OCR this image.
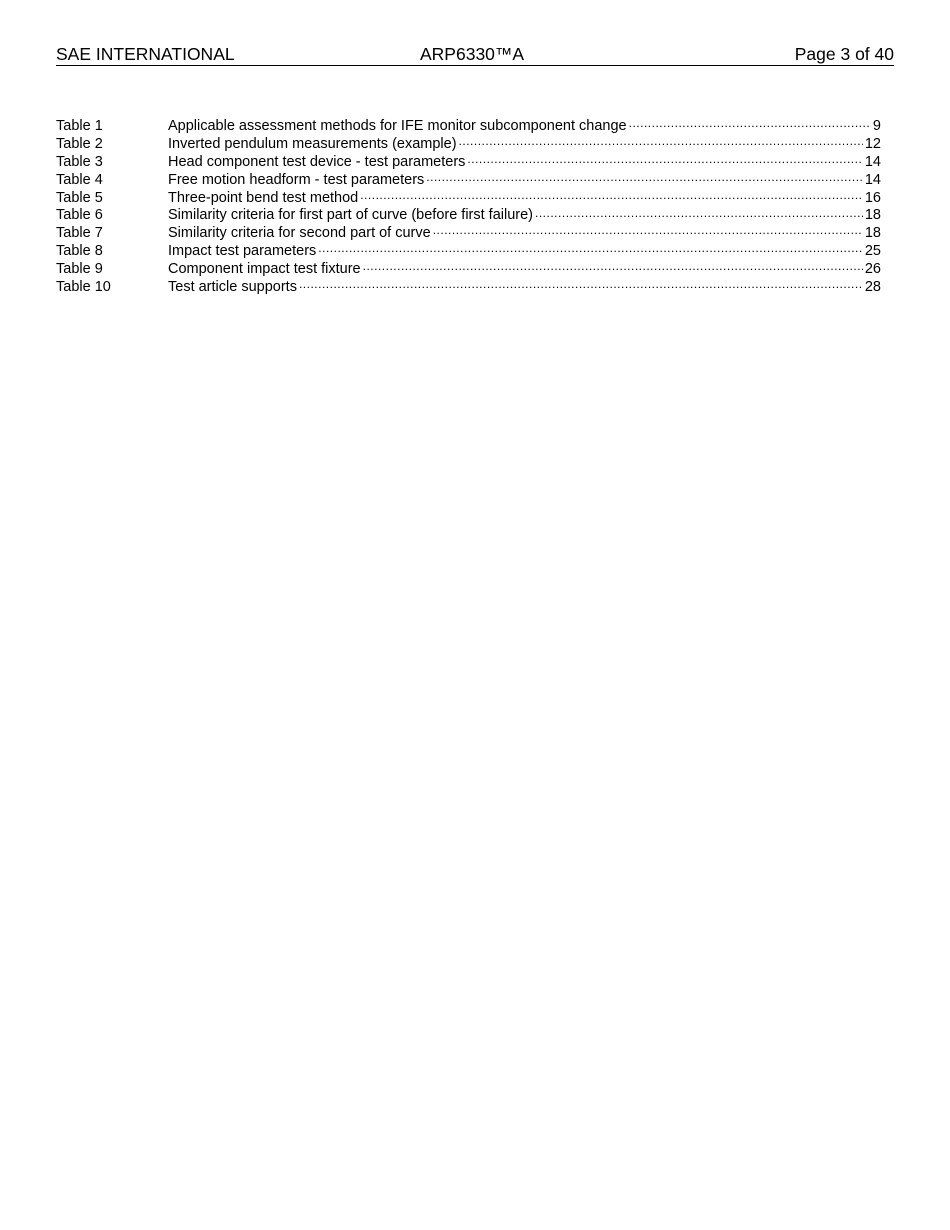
SAE INTERNATIONAL	ARP6330™A	Page 3 of 40
Table 1	Applicable assessment methods for IFE monitor subcomponent change .....	9
Table 2	Inverted pendulum measurements (example) .....	12
Table 3	Head component test device - test parameters .....	14
Table 4	Free motion headform - test parameters .....	14
Table 5	Three-point bend test method .....	16
Table 6	Similarity criteria for first part of curve (before first failure) .....	18
Table 7	Similarity criteria for second part of curve .....	18
Table 8	Impact test parameters .....	25
Table 9	Component impact test fixture .....	26
Table 10	Test article supports .....	28
